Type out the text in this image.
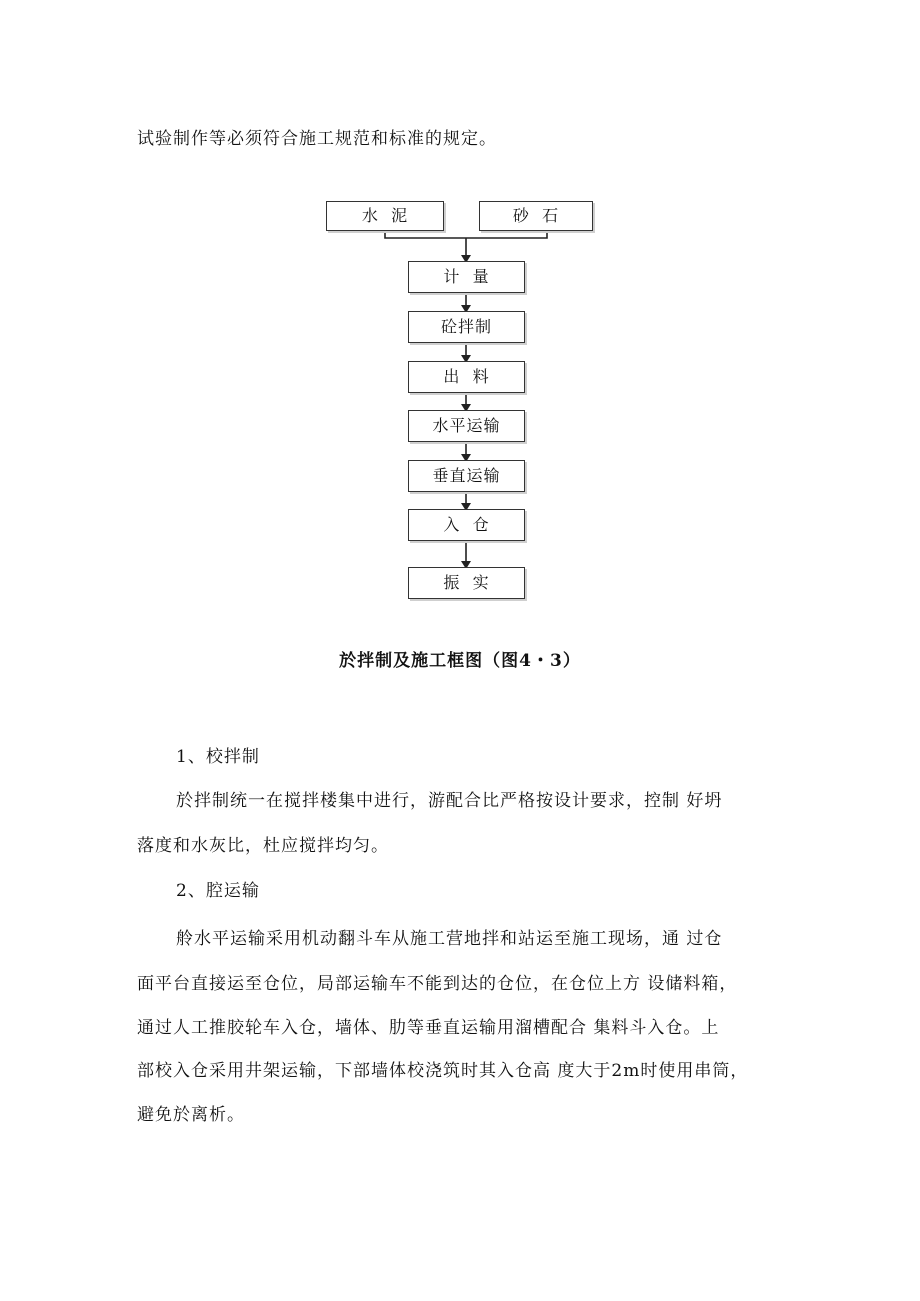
试验制作等必须符合施工规范和标准的规定。
水  泥	砂  石
计  量
砼拌制
出  料
水平运输
垂直运输
入  仓
振  实
於拌制及施工框图（图4・3）
1、校拌制
於拌制统一在搅拌楼集中进行，游配合比严格按设计要求，控制 好坍
落度和水灰比，杜应搅拌均匀。
2、腔运输
舲水平运输采用机动翻斗车从施工营地拌和站运至施工现场，通 过仓
面平台直接运至仓位，局部运输车不能到达的仓位，在仓位上方 设储料箱，
通过人工推胶轮车入仓，墙体、肋等垂直运输用溜槽配合 集料斗入仓。上
部校入仓采用井架运输，下部墙体校浇筑时其入仓高 度大于2m时使用串筒，
避免於离析。
